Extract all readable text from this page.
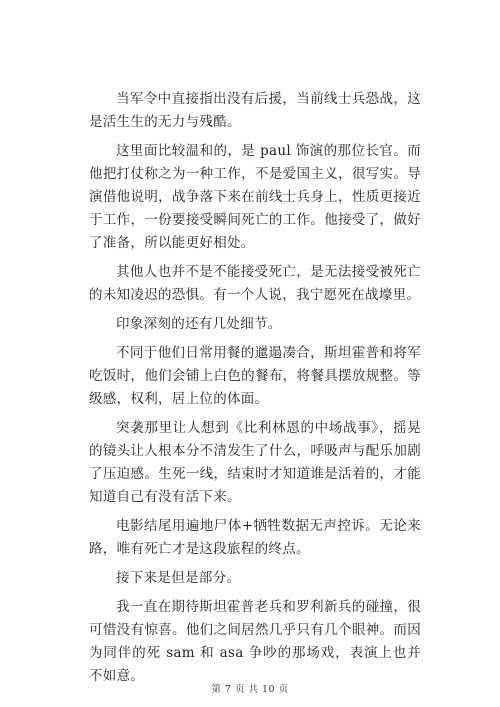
当军令中直接指出没有后援，当前线士兵恐战，这是活生生的无力与残酷。

这里面比较温和的，是 paul 饰演的那位长官。而他把打仗称之为一种工作，不是爱国主义，很写实。导演借他说明，战争落下来在前线士兵身上，性质更接近于工作，一份要接受瞬间死亡的工作。他接受了，做好了准备，所以能更好相处。

其他人也并不是不能接受死亡，是无法接受被死亡的未知凌迟的恐惧。有一个人说，我宁愿死在战壕里。

印象深刻的还有几处细节。

不同于他们日常用餐的邋遢凑合，斯坦霍普和将军吃饭时，他们会铺上白色的餐布，将餐具摆放规整。等级感，权利，居上位的体面。

突袭那里让人想到《比利林恩的中场战事》，摇晃的镜头让人根本分不清发生了什么，呼吸声与配乐加剧了压迫感。生死一线，结束时才知道谁是活着的，才能知道自己有没有活下来。

电影结尾用遍地尸体+牺牲数据无声控诉。无论来路，唯有死亡才是这段旅程的终点。

接下来是但是部分。

我一直在期待斯坦霍普老兵和罗利新兵的碰撞，很可惜没有惊喜。他们之间居然几乎只有几个眼神。而因为同伴的死 sam 和 asa 争吵的那场戏，表演上也并不如意。

第 7 页 共 10 页
